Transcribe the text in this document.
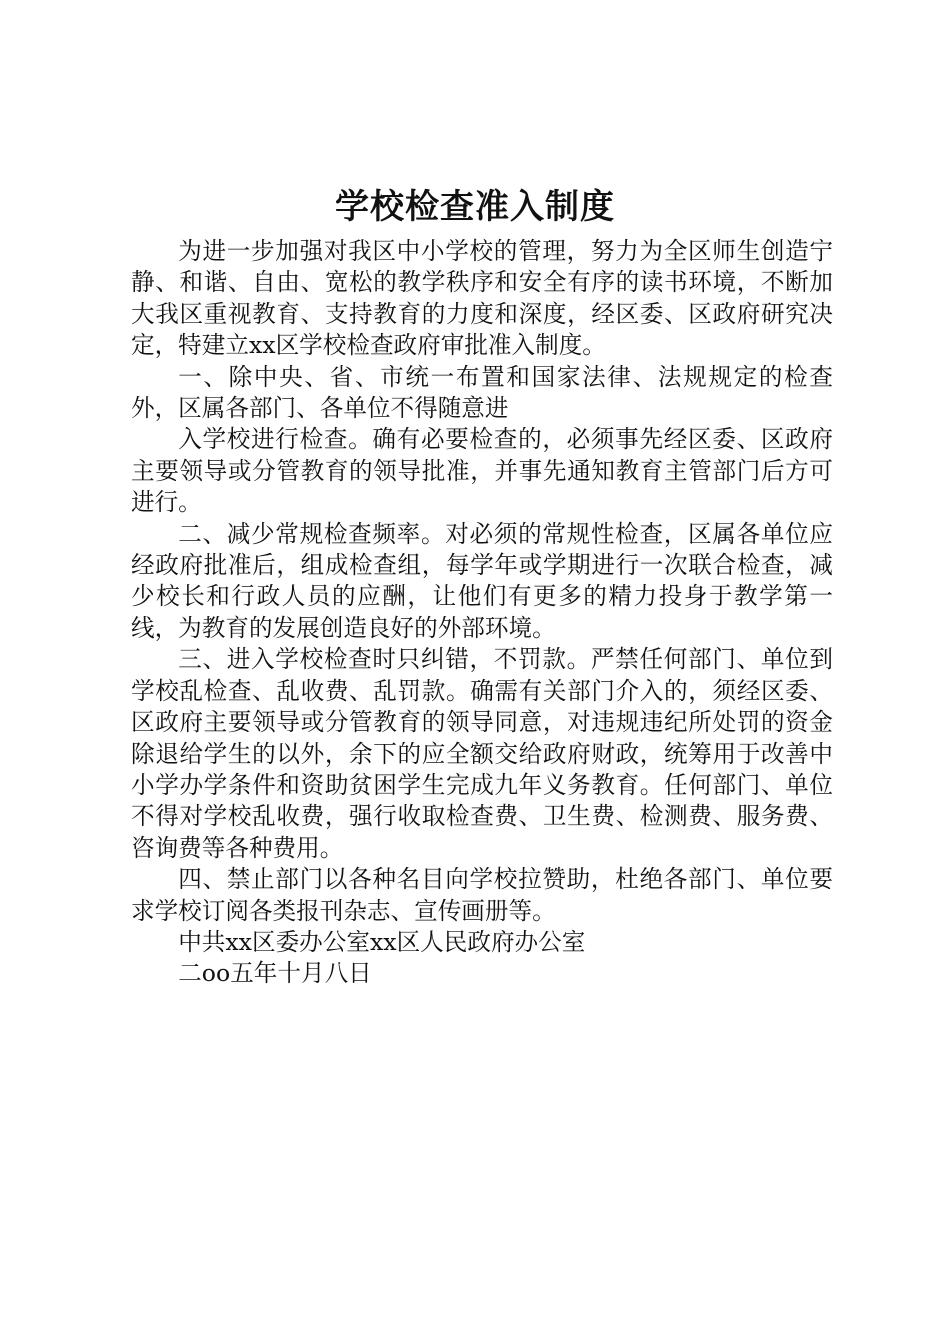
学校检查准入制度

为进一步加强对我区中小学校的管理，努力为全区师生创造宁静、和谐、自由、宽松的教学秩序和安全有序的读书环境，不断加大我区重视教育、支持教育的力度和深度，经区委、区政府研究决定，特建立xx区学校检查政府审批准入制度。

一、除中央、省、市统一布置和国家法律、法规规定的检查外，区属各部门、各单位不得随意进

入学校进行检查。确有必要检查的，必须事先经区委、区政府主要领导或分管教育的领导批准，并事先通知教育主管部门后方可进行。

二、减少常规检查频率。对必须的常规性检查，区属各单位应经政府批准后，组成检查组，每学年或学期进行一次联合检查，减少校长和行政人员的应酬，让他们有更多的精力投身于教学第一线，为教育的发展创造良好的外部环境。

三、进入学校检查时只纠错，不罚款。严禁任何部门、单位到学校乱检查、乱收费、乱罚款。确需有关部门介入的，须经区委、区政府主要领导或分管教育的领导同意，对违规违纪所处罚的资金除退给学生的以外，余下的应全额交给政府财政，统筹用于改善中小学办学条件和资助贫困学生完成九年义务教育。任何部门、单位不得对学校乱收费，强行收取检查费、卫生费、检测费、服务费、咨询费等各种费用。

四、禁止部门以各种名目向学校拉赞助，杜绝各部门、单位要求学校订阅各类报刊杂志、宣传画册等。

中共xx区委办公室xx区人民政府办公室

二oo五年十月八日
